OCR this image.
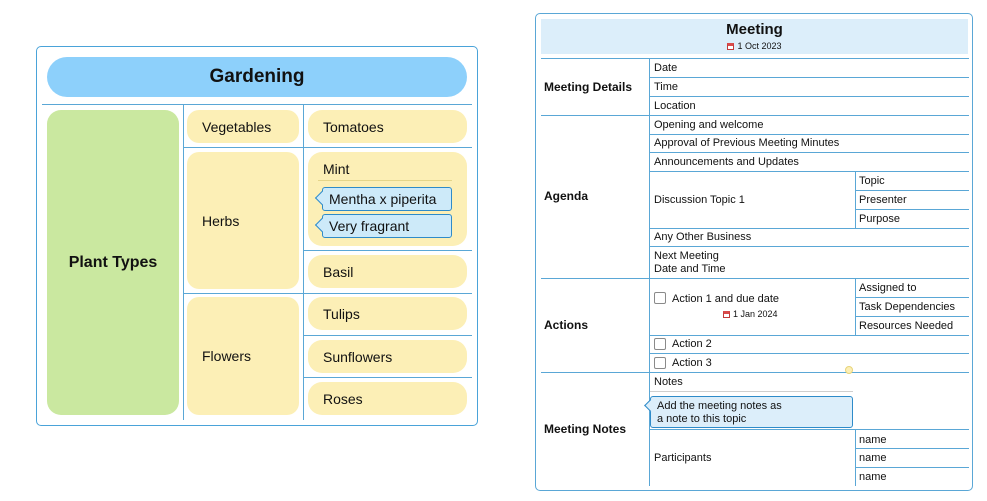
Gardening
Plant Types
Vegetables
Herbs
Flowers
Tomatoes
Mint
Mentha x piperita
Very fragrant
Basil
Tulips
Sunflowers
Roses
Meeting
1 Oct 2023
Meeting Details
Agenda
Actions
Meeting Notes
Date
Time
Location
Opening and welcome
Approval of Previous Meeting Minutes
Announcements and Updates
Discussion Topic 1
Topic
Presenter
Purpose
Any Other Business
Next Meeting
Date and Time
Action 1 and due date
1 Jan 2024
Assigned to
Task Dependencies
Resources Needed
Action 2
Action 3
Notes
Add the meeting notes as
a note to this topic
Participants
name
name
name
